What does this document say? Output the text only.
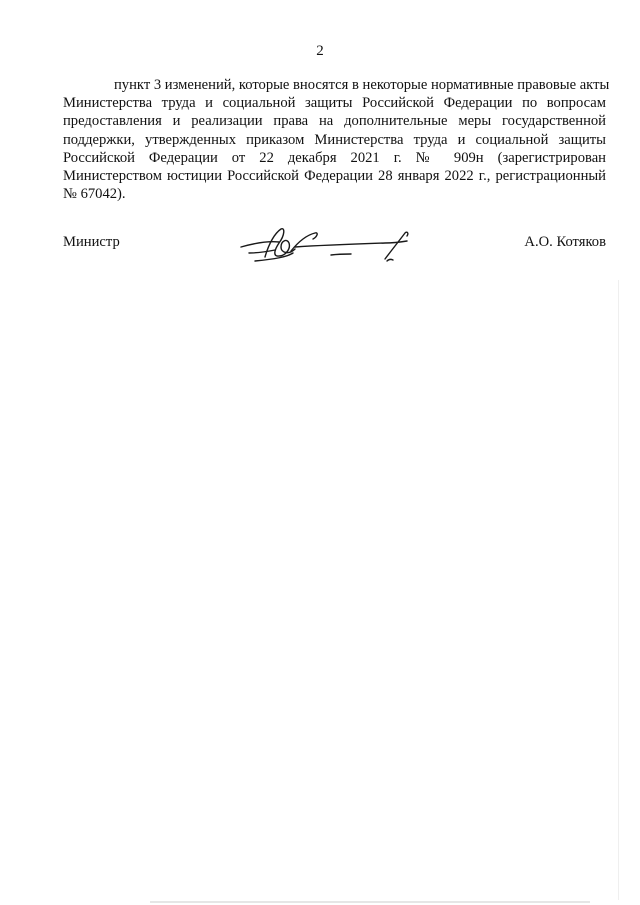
2
пункт 3 изменений, которые вносятся в некоторые нормативные правовые акты
Министерства труда и социальной защиты Российской Федерации по вопросам
предоставления и реализации права на дополнительные меры государственной
поддержки, утвержденных приказом Министерства труда и социальной защиты
Российской Федерации от 22 декабря 2021 г. № 909н (зарегистрирован
Министерством юстиции Российской Федерации 28 января 2022 г., регистрационный
№ 67042).
Министр	А.О. Котяков
